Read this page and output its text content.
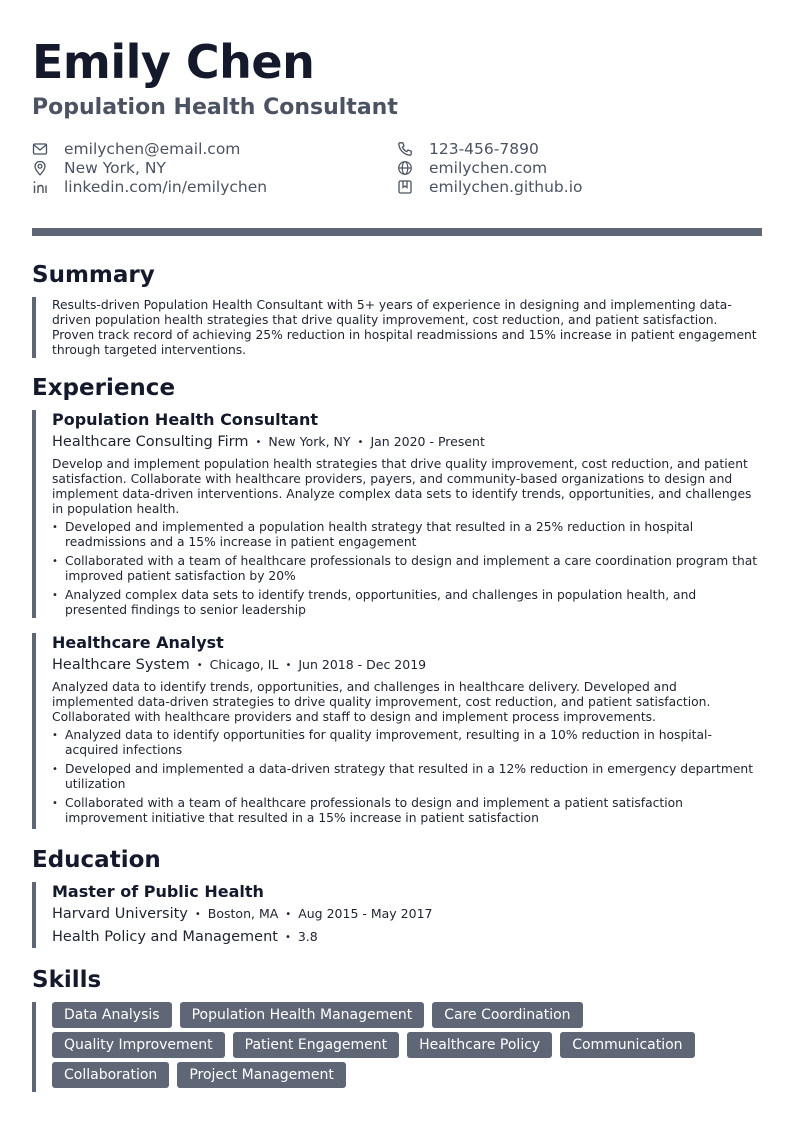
Emily Chen
Population Health Consultant
emilychen@email.com	123-456-7890
New York, NY	emilychen.com
linkedin.com/in/emilychen	emilychen.github.io
Summary

Results-driven Population Health Consultant with 5+ years of experience in designing and implementing data-driven population health strategies that drive quality improvement, cost reduction, and patient satisfaction. Proven track record of achieving 25% reduction in hospital readmissions and 15% increase in patient engagement through targeted interventions.

Experience

Population Health Consultant

Healthcare Consulting Firm • New York, NY • Jan 2020 - Present

Develop and implement population health strategies that drive quality improvement, cost reduction, and patient satisfaction. Collaborate with healthcare providers, payers, and community-based organizations to design and implement data-driven interventions. Analyze complex data sets to identify trends, opportunities, and challenges in population health.

• Developed and implemented a population health strategy that resulted in a 25% reduction in hospital readmissions and a 15% increase in patient engagement
• Collaborated with a team of healthcare professionals to design and implement a care coordination program that improved patient satisfaction by 20%
• Analyzed complex data sets to identify trends, opportunities, and challenges in population health, and presented findings to senior leadership

Healthcare Analyst

Healthcare System • Chicago, IL • Jun 2018 - Dec 2019

Analyzed data to identify trends, opportunities, and challenges in healthcare delivery. Developed and implemented data-driven strategies to drive quality improvement, cost reduction, and patient satisfaction. Collaborated with healthcare providers and staff to design and implement process improvements.

• Analyzed data to identify opportunities for quality improvement, resulting in a 10% reduction in hospital-acquired infections
• Developed and implemented a data-driven strategy that resulted in a 12% reduction in emergency department utilization
• Collaborated with a team of healthcare professionals to design and implement a patient satisfaction improvement initiative that resulted in a 15% increase in patient satisfaction
Education

Master of Public Health

Harvard University • Boston, MA • Aug 2015 - May 2017
Health Policy and Management • 3.8
Skills
Data Analysis	Population Health Management	Care Coordination
Quality Improvement	Patient Engagement	Healthcare Policy	Communication
Collaboration	Project Management
